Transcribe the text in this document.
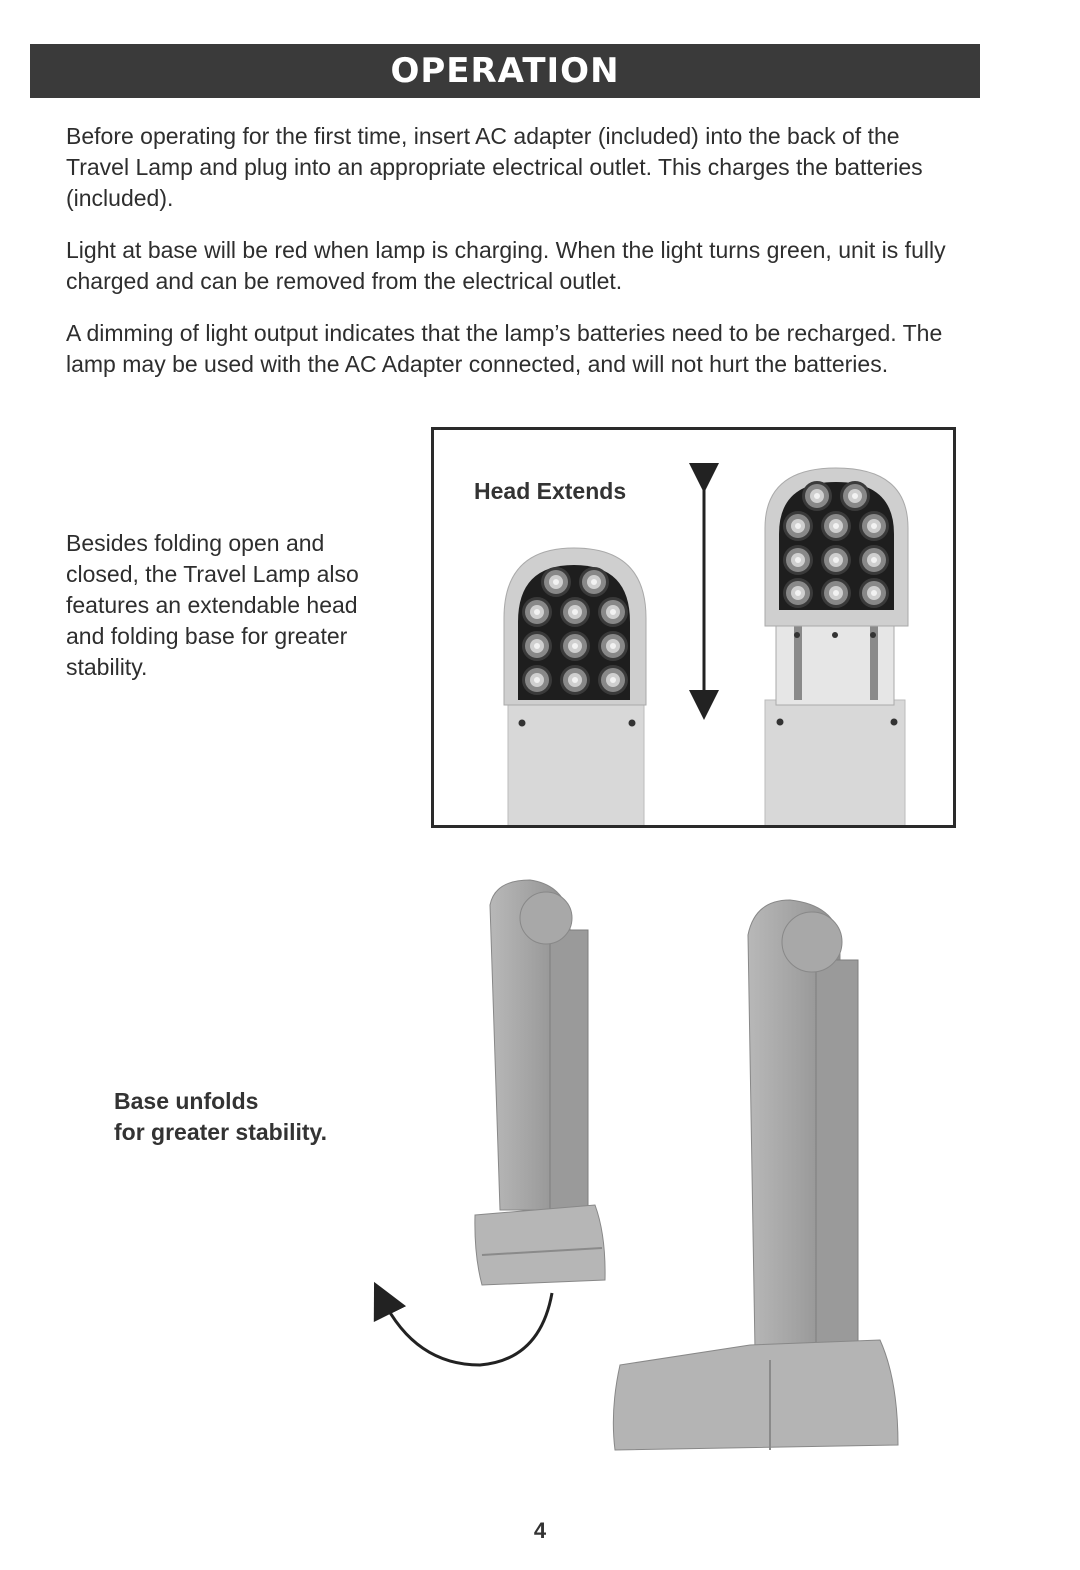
OPERATION

Before operating for the first time, insert AC adapter (included) into the back of the Travel Lamp and plug into an appropriate electrical outlet. This charges the batteries (included).

Light at base will be red when lamp is charging. When the light turns green, unit is fully charged and can be removed from the electrical outlet.

A dimming of light output indicates that the lamp’s batteries need to be recharged. The lamp may be used with the AC Adapter connected, and will not hurt the batteries.

Besides folding open and closed, the Travel Lamp also features an extendable head and folding base for greater stability.

Head Extends

Base unfolds
for greater stability.

4
